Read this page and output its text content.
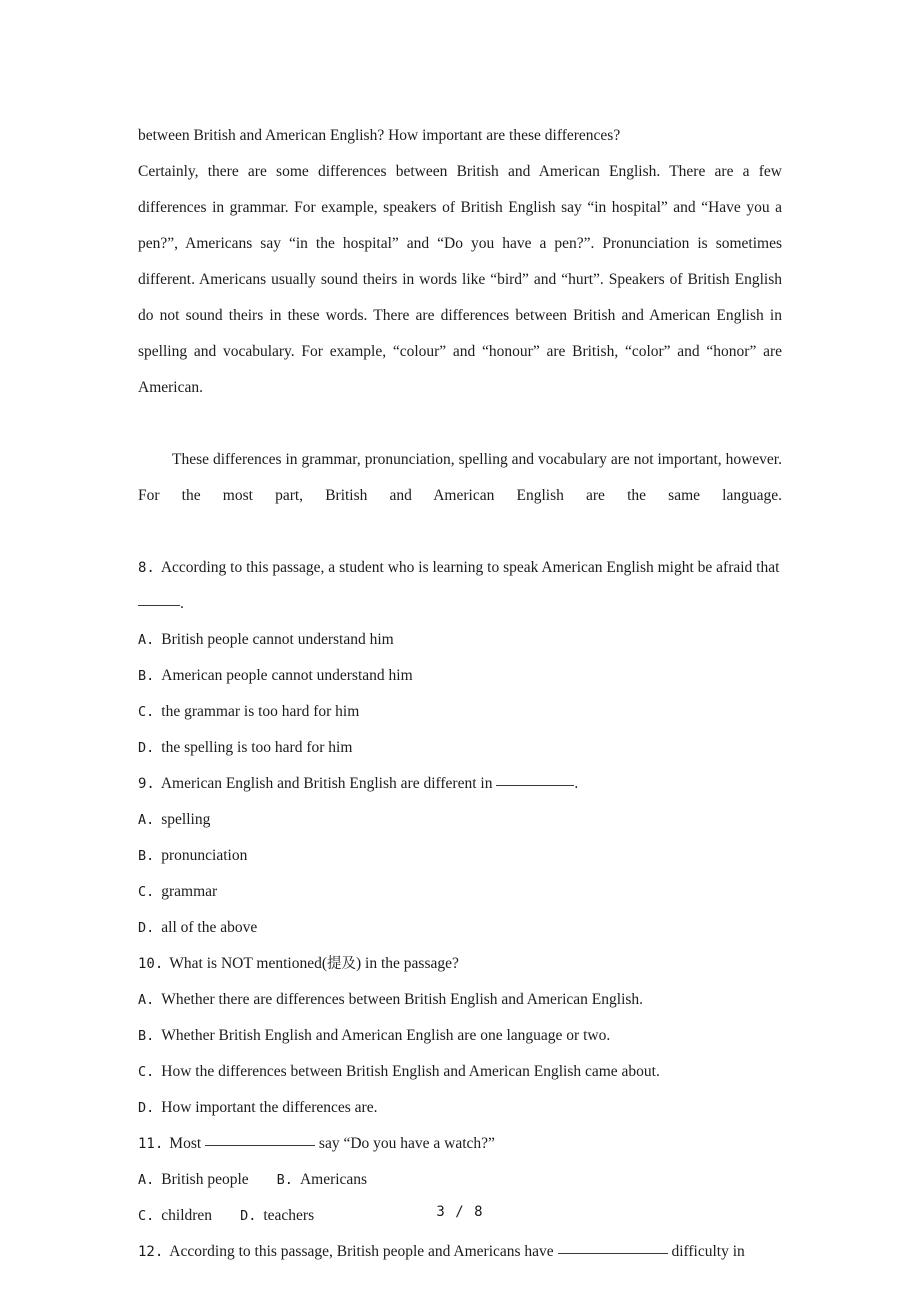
between British and American English? How important are these differences?

Certainly, there are some differences between British and American English. There are a few differences in grammar. For example, speakers of British English say “in hospital” and “Have you a pen?”, Americans say “in the hospital” and “Do you have a pen?”. Pronunciation is sometimes different. Americans usually sound theirs in words like “bird” and “hurt”. Speakers of British English do not sound theirs in these words. There are differences between British and American English in spelling and vocabulary. For example, “colour” and “honour” are British, “color” and “honor” are American.

These differences in grammar, pronunciation, spelling and vocabulary are not important, however. For the most part, British and American English are the same language.

8. According to this passage, a student who is learning to speak American English might be afraid that .

A. British people cannot understand him

B. American people cannot understand him

C. the grammar is too hard for him

D. the spelling is too hard for him

9. American English and British English are different in	.

A. spelling

B. pronunciation

C. grammar

D. all of the above

10. What is NOT mentioned(提及) in the passage?

A. Whether there are differences between British English and American English.

B. Whether British English and American English are one language or two.

C. How the differences between British English and American English came about.

D. How important the differences are.

11. Most	say “Do you have a watch?”

A. British people B. Americans

C. children D. teachers

12. According to this passage, British people and Americans have	difficulty in

3 / 8
